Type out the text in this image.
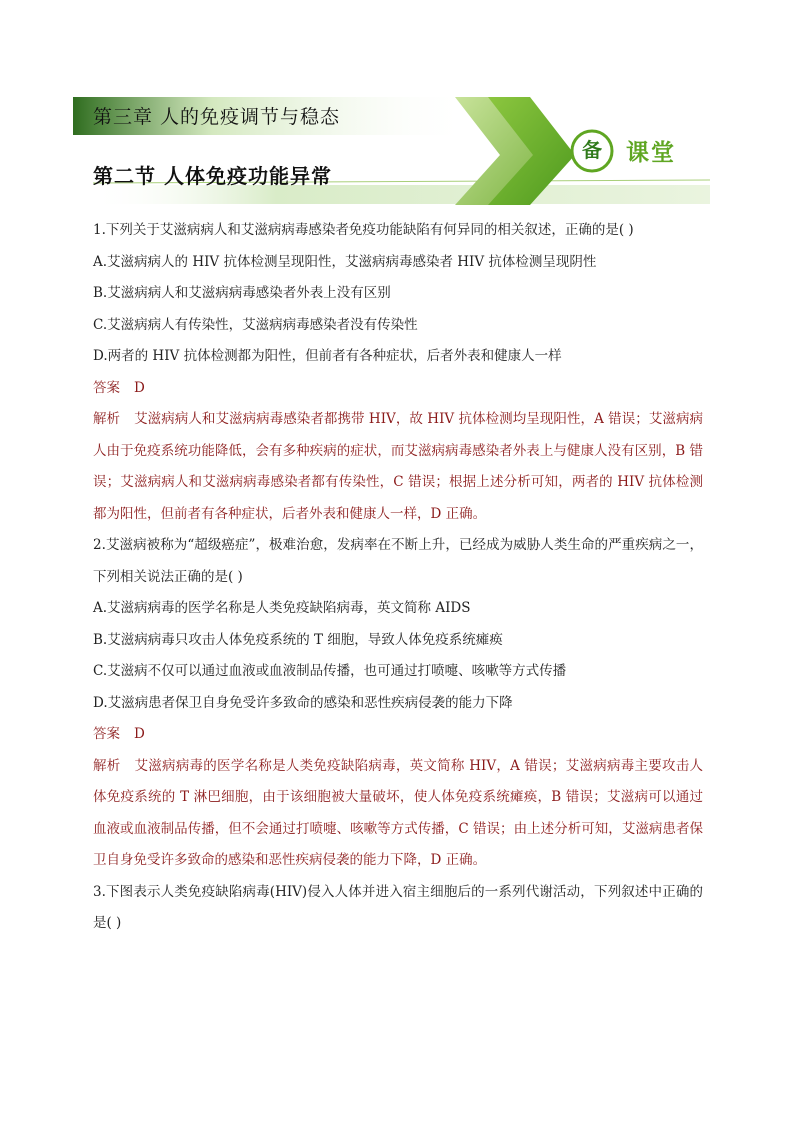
第三章 人的免疫调节与稳态
第二节 人体免疫功能异常
备	课堂
1.下列关于艾滋病病人和艾滋病病毒感染者免疫功能缺陷有何异同的相关叙述，正确的是( )
A.艾滋病病人的 HIV 抗体检测呈现阳性，艾滋病病毒感染者 HIV 抗体检测呈现阴性
B.艾滋病病人和艾滋病病毒感染者外表上没有区别
C.艾滋病病人有传染性，艾滋病病毒感染者没有传染性
D.两者的 HIV 抗体检测都为阳性，但前者有各种症状，后者外表和健康人一样
答案 D
解析 艾滋病病人和艾滋病病毒感染者都携带 HIV，故 HIV 抗体检测均呈现阳性，A 错误；艾滋病病人由于免疫系统功能降低，会有多种疾病的症状，而艾滋病病毒感染者外表上与健康人没有区别，B 错误；艾滋病病人和艾滋病病毒感染者都有传染性，C 错误；根据上述分析可知，两者的 HIV 抗体检测都为阳性，但前者有各种症状，后者外表和健康人一样，D 正确。
2.艾滋病被称为“超级癌症”，极难治愈，发病率在不断上升，已经成为威胁人类生命的严重疾病之一，下列相关说法正确的是( )
A.艾滋病病毒的医学名称是人类免疫缺陷病毒，英文简称 AIDS
B.艾滋病病毒只攻击人体免疫系统的 T 细胞，导致人体免疫系统瘫痪
C.艾滋病不仅可以通过血液或血液制品传播，也可通过打喷嚏、咳嗽等方式传播
D.艾滋病患者保卫自身免受许多致命的感染和恶性疾病侵袭的能力下降
答案 D
解析 艾滋病病毒的医学名称是人类免疫缺陷病毒，英文简称 HIV，A 错误；艾滋病病毒主要攻击人体免疫系统的 T 淋巴细胞，由于该细胞被大量破坏，使人体免疫系统瘫痪，B 错误；艾滋病可以通过血液或血液制品传播，但不会通过打喷嚏、咳嗽等方式传播，C 错误；由上述分析可知，艾滋病患者保卫自身免受许多致命的感染和恶性疾病侵袭的能力下降，D 正确。
3.下图表示人类免疫缺陷病毒(HIV)侵入人体并进入宿主细胞后的一系列代谢活动，下列叙述中正确的是( )
